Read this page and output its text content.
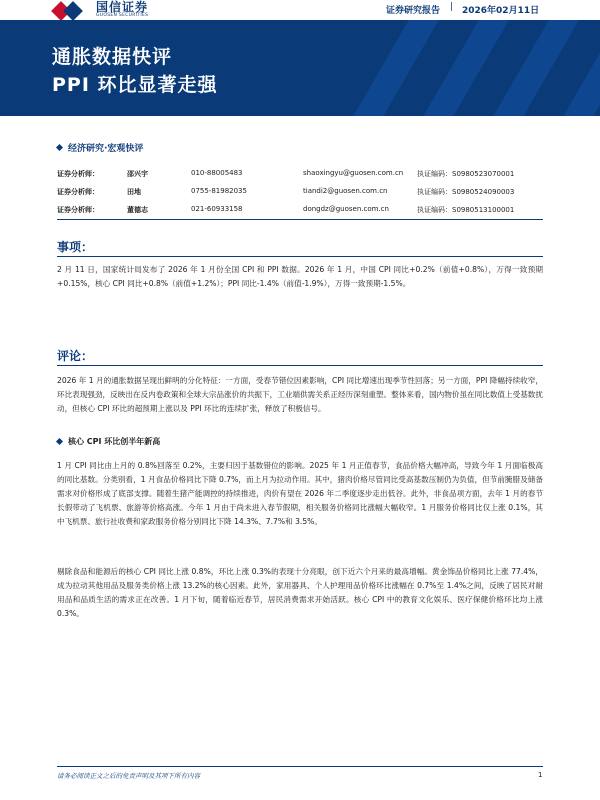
国信证券
GUOSEN SECURITIES	证券研究报告 | 2026年02月11日
通胀数据快评
PPI 环比显著走强
经济研究·宏观快评
证券分析师：	邵兴宇	010-88005483	shaoxingyu@guosen.com.cn 执证编码：S0980523070001
证券分析师：	田地	0755-81982035	tiandi2@guosen.com.cn	执证编码：S0980524090003
证券分析师：	董德志	021-60933158	dongdz@guosen.com.cn	执证编码：S0980513100001
事项：
2 月 11 日，国家统计局发布了 2026 年 1 月份全国 CPI 和 PPI 数据。2026 年 1 月，中国 CPI 同比+0.2%（前值+0.8%），万得一致预期+0.15%，核心 CPI 同比+0.8%（前值+1.2%）；PPI 同比-1.4%（前值-1.9%），万得一致预期-1.5%。
评论：
2026 年 1 月的通胀数据呈现出鲜明的分化特征：一方面，受春节错位因素影响，CPI 同比增速出现季节性回落；另一方面，PPI 降幅持续收窄，环比表现强劲，反映出在反内卷政策和全球大宗品涨价的共振下，工业端供需关系正经历深刻重塑。整体来看，国内物价虽在同比数值上受基数扰动，但核心 CPI 环比的超预期上涨以及 PPI 环比的连续扩张，释放了积极信号。
核心 CPI 环比创半年新高
1 月 CPI 同比由上月的 0.8%回落至 0.2%，主要归因于基数错位的影响。2025 年 1 月正值春节，食品价格大幅冲高，导致今年 1 月面临极高的同比基数。分类别看，1 月食品价格同比下降 0.7%，而上月为拉动作用。其中，猪肉价格尽管同比受高基数压制仍为负值，但节前腌腊及储备需求对价格形成了底部支撑。随着生猪产能调控的持续推进，肉价有望在 2026 年二季度逐步走出低谷。此外，非食品项方面，去年 1 月的春节长假带动了飞机票、旅游等价格高涨。今年 1 月由于尚未进入春节假期，相关服务价格同比涨幅大幅收窄。1 月服务价格同比仅上涨 0.1%，其中飞机票、旅行社收费和家政服务价格分别同比下降 14.3%、7.7%和 3.5%。
剔除食品和能源后的核心 CPI 同比上涨 0.8%，环比上涨 0.3%的表现十分亮眼，创下近六个月来的最高增幅。黄金饰品价格同比上涨 77.4%，成为拉动其他用品及服务类价格上涨 13.2%的核心因素。此外，家用器具、个人护理用品价格环比涨幅在 0.7%至 1.4%之间，反映了居民对耐用品和品质生活的需求正在改善。1 月下旬，随着临近春节，居民消费需求开始活跃。核心 CPI 中的教育文化娱乐、医疗保健价格环比均上涨 0.3%。
请务必阅读正文之后的免责声明及其项下所有内容	1
